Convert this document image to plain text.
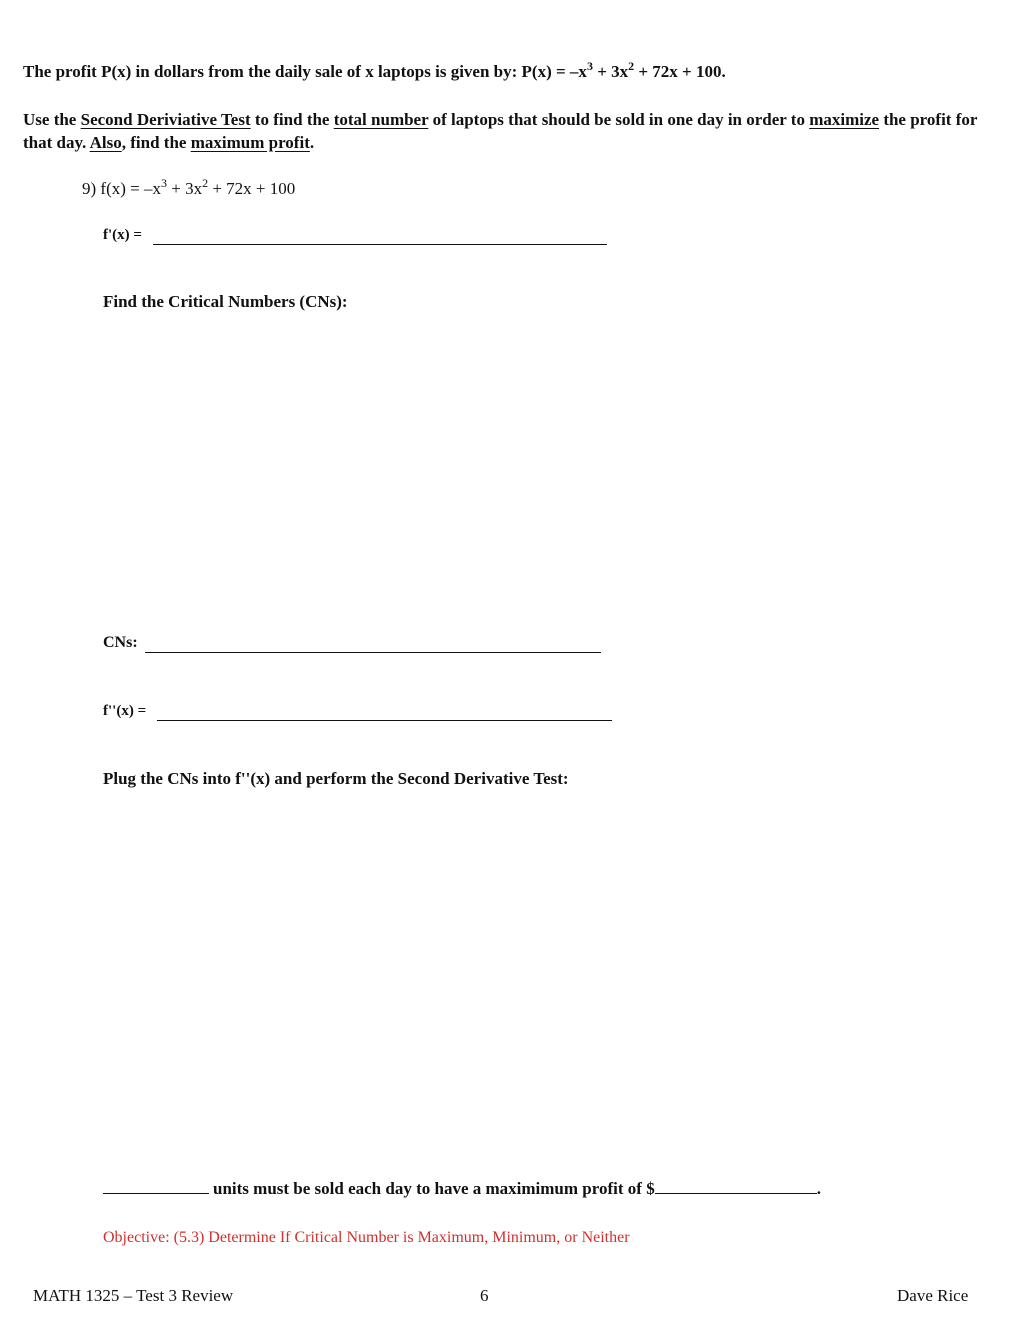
The profit P(x) in dollars from the daily sale of x laptops is given by: $P(x) = -x^3 + 3x^2 + 72x + 100$.
Use the Second Deriviative Test to find the total number of laptops that should be sold in one day in order to maximize the profit for that day. Also, find the maximum profit.
9) $f(x) = -x^3 + 3x^2 + 72x + 100$
f'(x) =
Find the Critical Numbers (CNs):
CNs:
f''(x) =
Plug the CNs into f''(x) and perform the Second Derivative Test:
units must be sold each day to have a maximimum profit of $	.
Objective: (5.3) Determine If Critical Number is Maximum, Minimum, or Neither
MATH 1325 – Test 3 Review	6	Dave Rice
